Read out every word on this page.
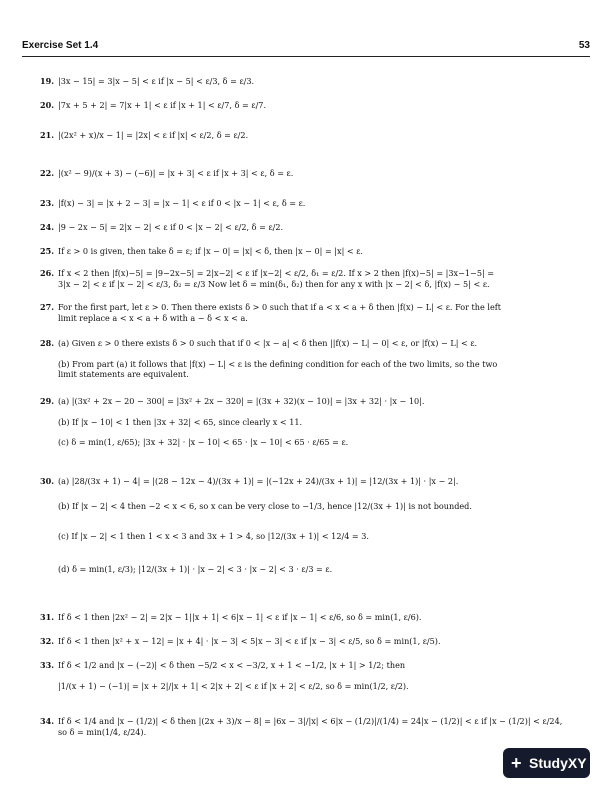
Exercise Set 1.4	53
19. |3x − 15| = 3|x − 5| < ε if |x − 5| < ε/3, δ = ε/3.
20. |7x + 5 + 2| = 7|x + 1| < ε if |x + 1| < ε/7, δ = ε/7.
21. |(2x² + x)/x − 1| = |2x| < ε if |x| < ε/2, δ = ε/2.
22. |(x² − 9)/(x + 3) − (−6)| = |x + 3| < ε if |x + 3| < ε, δ = ε.
23. |f(x) − 3| = |x + 2 − 3| = |x − 1| < ε if 0 < |x − 1| < ε, δ = ε.
24. |9 − 2x − 5| = 2|x − 2| < ε if 0 < |x − 2| < ε/2, δ = ε/2.
25. If ε > 0 is given, then take δ = ε; if |x − 0| = |x| < δ, then |x − 0| = |x| < ε.
26. If x < 2 then |f(x)−5| = |9−2x−5| = 2|x−2| < ε if |x−2| < ε/2, δ₁ = ε/2. If x > 2 then |f(x)−5| = |3x−1−5| =
3|x − 2| < ε if |x − 2| < ε/3, δ₂ = ε/3 Now let δ = min(δ₁, δ₂) then for any x with |x − 2| < δ, |f(x) − 5| < ε.
27. For the first part, let ε > 0. Then there exists δ > 0 such that if a < x < a + δ then |f(x) − L| < ε. For the left
limit replace a < x < a + δ with a − δ < x < a.
28. (a) Given ε > 0 there exists δ > 0 such that if 0 < |x − a| < δ then ||f(x) − L| − 0| < ε, or |f(x) − L| < ε.
(b) From part (a) it follows that |f(x) − L| < ε is the defining condition for each of the two limits, so the two
limit statements are equivalent.
29. (a) |(3x² + 2x − 20 − 300| = |3x² + 2x − 320| = |(3x + 32)(x − 10)| = |3x + 32| · |x − 10|.
(b) If |x − 10| < 1 then |3x + 32| < 65, since clearly x < 11.
(c) δ = min(1, ε/65); |3x + 32| · |x − 10| < 65 · |x − 10| < 65 · ε/65 = ε.
30. (a) |28/(3x + 1) − 4| = |(28 − 12x − 4)/(3x + 1)| = |(−12x + 24)/(3x + 1)| = |12/(3x + 1)| · |x − 2|.
(b) If |x − 2| < 4 then −2 < x < 6, so x can be very close to −1/3, hence |12/(3x + 1)| is not bounded.
(c) If |x − 2| < 1 then 1 < x < 3 and 3x + 1 > 4, so |12/(3x + 1)| < 12/4 = 3.
(d) δ = min(1, ε/3); |12/(3x + 1)| · |x − 2| < 3 · |x − 2| < 3 · ε/3 = ε.
31. If δ < 1 then |2x² − 2| = 2|x − 1||x + 1| < 6|x − 1| < ε if |x − 1| < ε/6, so δ = min(1, ε/6).
32. If δ < 1 then |x² + x − 12| = |x + 4| · |x − 3| < 5|x − 3| < ε if |x − 3| < ε/5, so δ = min(1, ε/5).
33. If δ < 1/2 and |x − (−2)| < δ then −5/2 < x < −3/2, x + 1 < −1/2, |x + 1| > 1/2; then
|1/(x + 1) − (−1)| = |x + 2|/|x + 1| < 2|x + 2| < ε if |x + 2| < ε/2, so δ = min(1/2, ε/2).
34. If δ < 1/4 and |x − (1/2)| < δ then |(2x + 3)/x − 8| = |6x − 3|/|x| < 6|x − (1/2)|/(1/4) = 24|x − (1/2)| < ε if |x − (1/2)| < ε/24,
so δ = min(1/4, ε/24).
+ StudyXY
